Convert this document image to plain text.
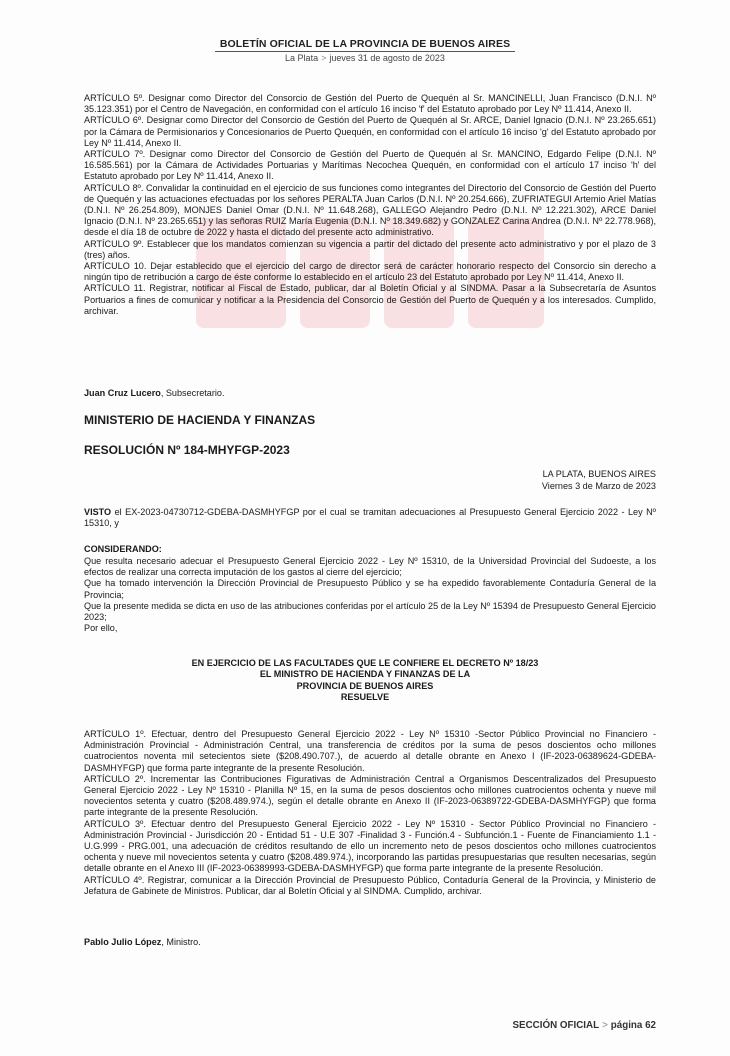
BOLETÍN OFICIAL DE LA PROVINCIA DE BUENOS AIRES
La Plata > jueves 31 de agosto de 2023

ARTÍCULO 5º. Designar como Director del Consorcio de Gestión del Puerto de Quequén al Sr. MANCINELLI, Juan Francisco (D.N.I. Nº 35.123.351) por el Centro de Navegación, en conformidad con el artículo 16 inciso 'f' del Estatuto aprobado por Ley Nº 11.414, Anexo II.

ARTÍCULO 6º. Designar como Director del Consorcio de Gestión del Puerto de Quequén al Sr. ARCE, Daniel Ignacio (D.N.I. Nº 23.265.651) por la Cámara de Permisionarios y Concesionarios de Puerto Quequén, en conformidad con el artículo 16 inciso 'g' del Estatuto aprobado por Ley Nº 11.414, Anexo II.

ARTÍCULO 7º. Designar como Director del Consorcio de Gestión del Puerto de Quequén al Sr. MANCINO, Edgardo Felipe (D.N.I. Nº 16.585.561) por la Cámara de Actividades Portuarias y Marítimas Necochea Quequén, en conformidad con el artículo 17 inciso 'h' del Estatuto aprobado por Ley Nº 11.414, Anexo II.

ARTÍCULO 8º. Convalidar la continuidad en el ejercicio de sus funciones como integrantes del Directorio del Consorcio de Gestión del Puerto de Quequén y las actuaciones efectuadas por los señores PERALTA Juan Carlos (D.N.I. Nº 20.254.666), ZUFRIATEGUI Artemio Ariel Matías (D.N.I. Nº 26.254.809), MONJES Daniel Omar (D.N.I. Nº 11.648.268), GALLEGO Alejandro Pedro (D.N.I. Nº 12.221.302), ARCE Daniel Ignacio (D.N.I. Nº 23.265.651) y las señoras RUIZ María Eugenia (D.N.I. Nº 18.349.682) y GONZALEZ Carina Andrea (D.N.I. Nº 22.778.968), desde el día 18 de octubre de 2022 y hasta el dictado del presente acto administrativo.

ARTÍCULO 9º. Establecer que los mandatos comienzan su vigencia a partir del dictado del presente acto administrativo y por el plazo de 3 (tres) años.

ARTÍCULO 10. Dejar establecido que el ejercicio del cargo de director será de carácter honorario respecto del Consorcio sin derecho a ningún tipo de retribución a cargo de éste conforme lo establecido en el artículo 23 del Estatuto aprobado por Ley Nº 11.414, Anexo II.

ARTÍCULO 11. Registrar, notificar al Fiscal de Estado, publicar, dar al Boletín Oficial y al SINDMA. Pasar a la Subsecretaría de Asuntos Portuarios a fines de comunicar y notificar a la Presidencia del Consorcio de Gestión del Puerto de Quequén y a los interesados. Cumplido, archivar.

Juan Cruz Lucero, Subsecretario.
MINISTERIO DE HACIENDA Y FINANZAS
RESOLUCIÓN Nº 184-MHYFGP-2023
LA PLATA, BUENOS AIRES
Viernes 3 de Marzo de 2023
VISTO el EX-2023-04730712-GDEBA-DASMHYFGP por el cual se tramitan adecuaciones al Presupuesto General Ejercicio 2022 - Ley Nº 15310, y
CONSIDERANDO:

Que resulta necesario adecuar el Presupuesto General Ejercicio 2022 - Ley Nº 15310, de la Universidad Provincial del Sudoeste, a los efectos de realizar una correcta imputación de los gastos al cierre del ejercicio;

Que ha tomado intervención la Dirección Provincial de Presupuesto Público y se ha expedido favorablemente Contaduría General de la Provincia;

Que la presente medida se dicta en uso de las atribuciones conferidas por el artículo 25 de la Ley Nº 15394 de Presupuesto General Ejercicio 2023;

Por ello,

EN EJERCICIO DE LAS FACULTADES QUE LE CONFIERE EL DECRETO Nº 18/23
EL MINISTRO DE HACIENDA Y FINANZAS DE LA
PROVINCIA DE BUENOS AIRES
RESUELVE

ARTÍCULO 1º. Efectuar, dentro del Presupuesto General Ejercicio 2022 - Ley Nº 15310 -Sector Público Provincial no Financiero - Administración Provincial - Administración Central, una transferencia de créditos por la suma de pesos doscientos ocho millones cuatrocientos noventa mil setecientos siete ($208.490.707.), de acuerdo al detalle obrante en Anexo I (IF-2023-06389624-GDEBA-DASMHYFGP) que forma parte integrante de la presente Resolución.

ARTÍCULO 2º. Incrementar las Contribuciones Figurativas de Administración Central a Organismos Descentralizados del Presupuesto General Ejercicio 2022 - Ley Nº 15310 - Planilla Nº 15, en la suma de pesos doscientos ocho millones cuatrocientos ochenta y nueve mil novecientos setenta y cuatro ($208.489.974.), según el detalle obrante en Anexo II (IF-2023-06389722-GDEBA-DASMHYFGP) que forma parte integrante de la presente Resolución.

ARTÍCULO 3º. Efectuar dentro del Presupuesto General Ejercicio 2022 - Ley Nº 15310 - Sector Público Provincial no Financiero - Administración Provincial - Jurisdicción 20 - Entidad 51 - U.E 307 -Finalidad 3 - Función.4 - Subfunción.1 - Fuente de Financiamiento 1.1 - U.G.999 - PRG.001, una adecuación de créditos resultando de ello un incremento neto de pesos doscientos ocho millones cuatrocientos ochenta y nueve mil novecientos setenta y cuatro ($208.489.974.), incorporando las partidas presupuestarias que resulten necesarias, según detalle obrante en el Anexo III (IF-2023-06389993-GDEBA-DASMHYFGP) que forma parte integrante de la presente Resolución.

ARTÍCULO 4º. Registrar, comunicar a la Dirección Provincial de Presupuesto Público, Contaduría General de la Provincia, y Ministerio de Jefatura de Gabinete de Ministros. Publicar, dar al Boletín Oficial y al SINDMA. Cumplido, archivar.

Pablo Julio López, Ministro.
SECCIÓN OFICIAL > página 62
